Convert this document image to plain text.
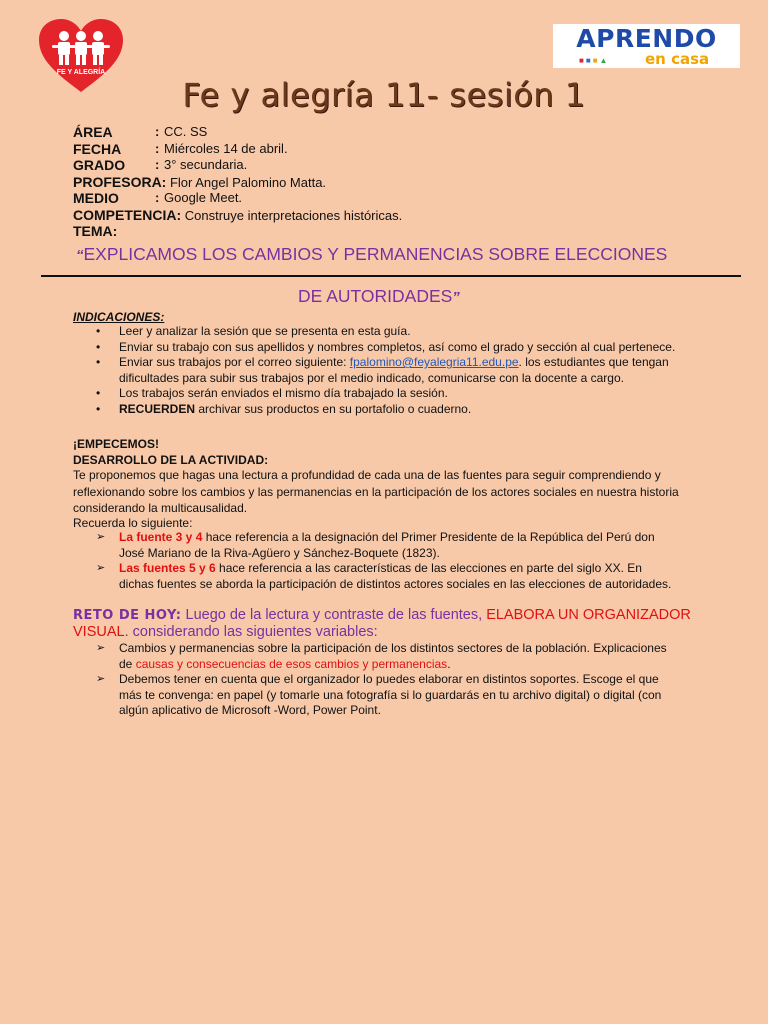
FE Y ALEGRÍA
APRENDO
■■■▲ en casa
Fe y alegría 11- sesión 1
ÁREA	: CC. SS
FECHA	: Miércoles 14 de abril.
GRADO : 3° secundaria.
PROFESORA: Flor Angel Palomino Matta.
MEDIO	: Google Meet.
COMPETENCIA: Construye interpretaciones históricas.
TEMA:
“EXPLICAMOS LOS CAMBIOS Y PERMANENCIAS SOBRE ELECCIONES
DE AUTORIDADES”
INDICACIONES:
• Leer y analizar la sesión que se presenta en esta guía.
• Enviar su trabajo con sus apellidos y nombres completos, así como el grado y sección al cual pertenece.
• Enviar sus trabajos por el correo siguiente: fpalomino@feyalegria11.edu.pe. los estudiantes que tengan dificultades para subir sus trabajos por el medio indicado, comunicarse con la docente a cargo.
• Los trabajos serán enviados el mismo día trabajado la sesión.
• RECUERDEN archivar sus productos en su portafolio o cuaderno.
¡EMPECEMOS!
DESARROLLO DE LA ACTIVIDAD:
Te proponemos que hagas una lectura a profundidad de cada una de las fuentes para seguir comprendiendo y reflexionando sobre los cambios y las permanencias en la participación de los actores sociales en nuestra historia considerando la multicausalidad.
Recuerda lo siguiente:
➢ La fuente 3 y 4 hace referencia a la designación del Primer Presidente de la República del Perú don José Mariano de la Riva-Agüero y Sánchez-Boquete (1823).
➢ Las fuentes 5 y 6 hace referencia a las características de las elecciones en parte del siglo XX. En dichas fuentes se aborda la participación de distintos actores sociales en las elecciones de autoridades.
RETO DE HOY: Luego de la lectura y contraste de las fuentes, ELABORA UN ORGANIZADOR VISUAL. considerando las siguientes variables:
➢ Cambios y permanencias sobre la participación de los distintos sectores de la población. Explicaciones de causas y consecuencias de esos cambios y permanencias.
➢ Debemos tener en cuenta que el organizador lo puedes elaborar en distintos soportes. Escoge el que más te convenga: en papel (y tomarle una fotografía si lo guardarás en tu archivo digital) o digital (con algún aplicativo de Microsoft -Word, Power Point.
